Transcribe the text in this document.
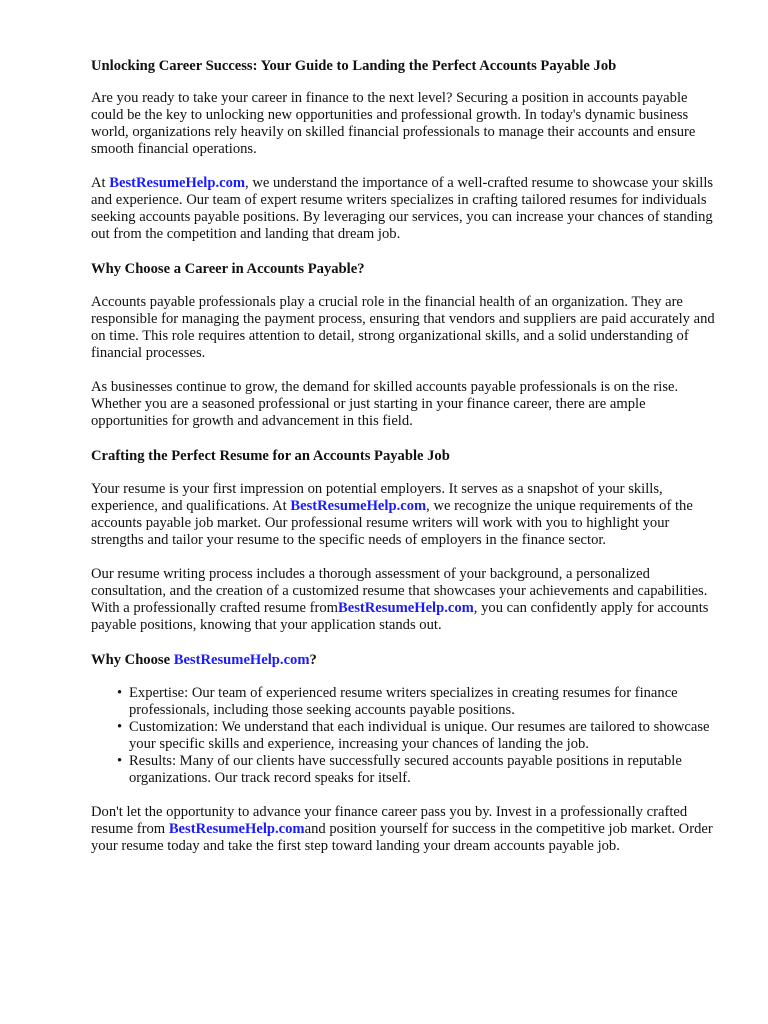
Unlocking Career Success: Your Guide to Landing the Perfect Accounts Payable Job

Are you ready to take your career in finance to the next level? Securing a position in accounts payable could be the key to unlocking new opportunities and professional growth. In today's dynamic business world, organizations rely heavily on skilled financial professionals to manage their accounts and ensure smooth financial operations.

At BestResumeHelp.com, we understand the importance of a well-crafted resume to showcase your skills and experience. Our team of expert resume writers specializes in crafting tailored resumes for individuals seeking accounts payable positions. By leveraging our services, you can increase your chances of standing out from the competition and landing that dream job.

Why Choose a Career in Accounts Payable?

Accounts payable professionals play a crucial role in the financial health of an organization. They are responsible for managing the payment process, ensuring that vendors and suppliers are paid accurately and on time. This role requires attention to detail, strong organizational skills, and a solid understanding of financial processes.

As businesses continue to grow, the demand for skilled accounts payable professionals is on the rise. Whether you are a seasoned professional or just starting in your finance career, there are ample opportunities for growth and advancement in this field.

Crafting the Perfect Resume for an Accounts Payable Job

Your resume is your first impression on potential employers. It serves as a snapshot of your skills, experience, and qualifications. At BestResumeHelp.com, we recognize the unique requirements of the accounts payable job market. Our professional resume writers will work with you to highlight your strengths and tailor your resume to the specific needs of employers in the finance sector.

Our resume writing process includes a thorough assessment of your background, a personalized consultation, and the creation of a customized resume that showcases your achievements and capabilities. With a professionally crafted resume fromBestResumeHelp.com, you can confidently apply for accounts payable positions, knowing that your application stands out.

Why Choose BestResumeHelp.com?
• Expertise: Our team of experienced resume writers specializes in creating resumes for finance professionals, including those seeking accounts payable positions.
• Customization: We understand that each individual is unique. Our resumes are tailored to showcase your specific skills and experience, increasing your chances of landing the job.
• Results: Many of our clients have successfully secured accounts payable positions in reputable organizations. Our track record speaks for itself.

Don't let the opportunity to advance your finance career pass you by. Invest in a professionally crafted resume from BestResumeHelp.comand position yourself for success in the competitive job market. Order your resume today and take the first step toward landing your dream accounts payable job.
